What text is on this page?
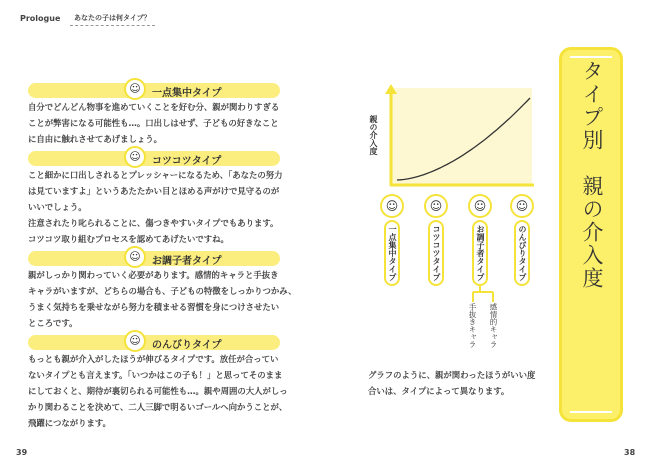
Prologue	あなたの子は何タイプ？
☺	一点集中タイプ
自分でどんどん物事を進めていくことを好む分、親が関わりすぎる
ことが弊害になる可能性も…。口出しはせず、子どもの好きなこと
に自由に触れさせてあげましょう。
☺	コツコツタイプ
こと細かに口出しされるとプレッシャーになるため、「あなたの努力
は見ていますよ」というあたたかい目とほめる声がけで見守るのが
いいでしょう。
注意されたり叱られることに、傷つきやすいタイプでもあります。
コツコツ取り組むプロセスを認めてあげたいですね。
☺	お調子者タイプ
親がしっかり関わっていく必要があります。感情的キャラと手抜き
キャラがいますが、どちらの場合も、子どもの特徴をしっかりつかみ、
うまく気持ちを乗せながら努力を積ませる習慣を身につけさせたい
ところです。
☺	のんびりタイプ
もっとも親が介入がしたほうが伸びるタイプです。放任が合ってい
ないタイプとも言えます。「いつかはこの子も！」と思ってそのまま
にしておくと、期待が裏切られる可能性も…。親や周囲の大人がしっ
かり関わることを決めて、二人三脚で明るいゴールへ向かうことが、
飛躍につながります。
39	38
親の介入度
☺	☺	☺	☺
一点集中タイプ	コツコツタイプ	お調子者タイプ	のんびりタイプ
手抜きキャラ 感情的キャラ
グラフのように、親が関わったほうがいい度
合いは、タイプによって異なります。
タイプ別　親の介入度
